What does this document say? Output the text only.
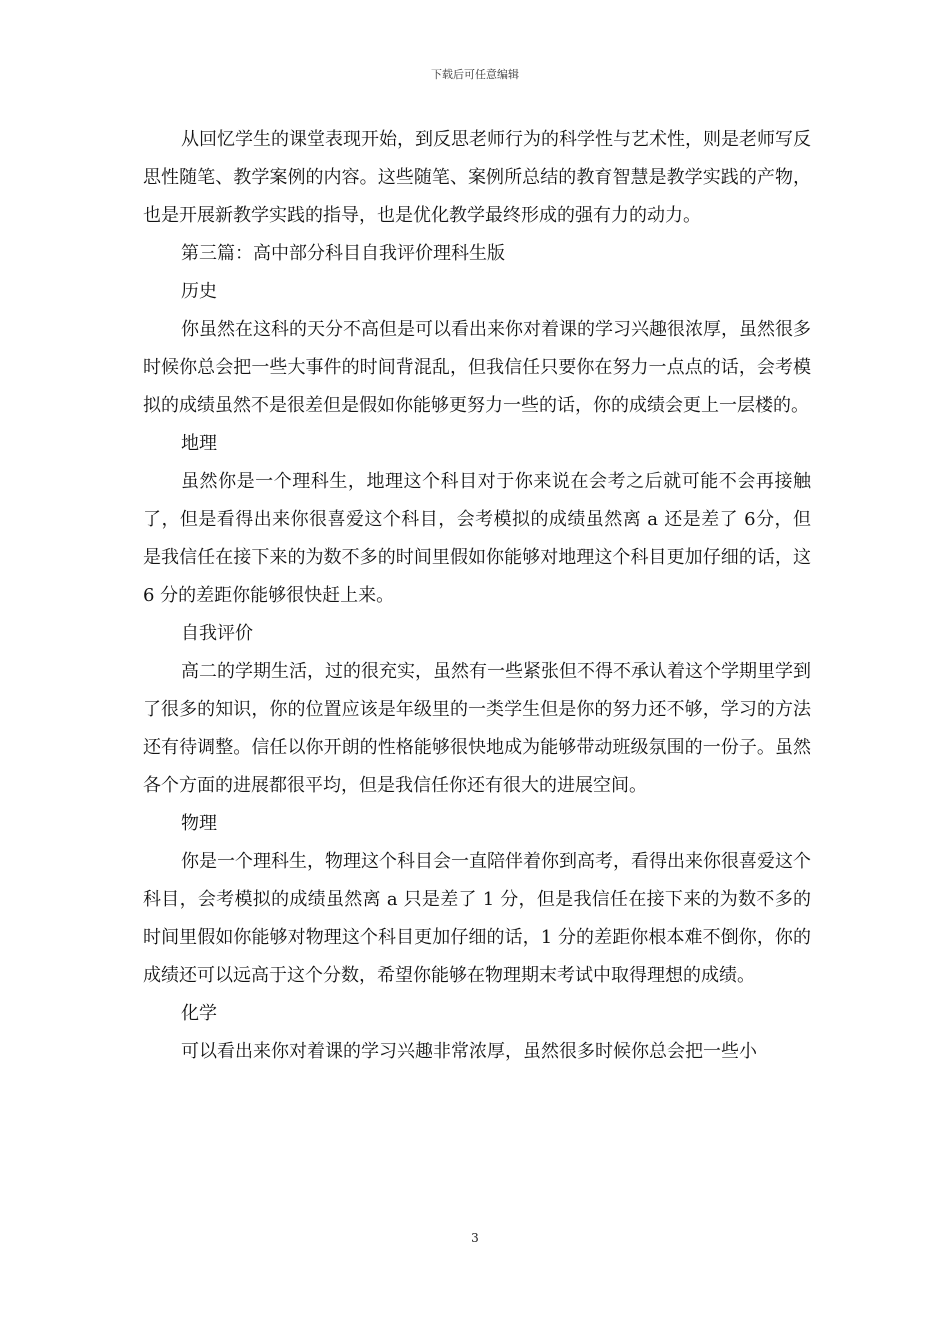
下载后可任意编辑

从回忆学生的课堂表现开始，到反思老师行为的科学性与艺术性，则是老师写反思性随笔、教学案例的内容。这些随笔、案例所总结的教育智慧是教学实践的产物，也是开展新教学实践的指导，也是优化教学最终形成的强有力的动力。

第三篇：高中部分科目自我评价理科生版

历史

你虽然在这科的天分不高但是可以看出来你对着课的学习兴趣很浓厚，虽然很多时候你总会把一些大事件的时间背混乱，但我信任只要你在努力一点点的话，会考模拟的成绩虽然不是很差但是假如你能够更努力一些的话，你的成绩会更上一层楼的。

地理

虽然你是一个理科生，地理这个科目对于你来说在会考之后就可能不会再接触了，但是看得出来你很喜爱这个科目，会考模拟的成绩虽然离 a 还是差了 6分，但是我信任在接下来的为数不多的时间里假如你能够对地理这个科目更加仔细的话，这 6 分的差距你能够很快赶上来。

自我评价

高二的学期生活，过的很充实，虽然有一些紧张但不得不承认着这个学期里学到了很多的知识，你的位置应该是年级里的一类学生但是你的努力还不够，学习的方法还有待调整。信任以你开朗的性格能够很快地成为能够带动班级氛围的一份子。虽然各个方面的进展都很平均，但是我信任你还有很大的进展空间。

物理

你是一个理科生，物理这个科目会一直陪伴着你到高考，看得出来你很喜爱这个科目，会考模拟的成绩虽然离 a 只是差了 1 分，但是我信任在接下来的为数不多的时间里假如你能够对物理这个科目更加仔细的话，1 分的差距你根本难不倒你，你的成绩还可以远高于这个分数，希望你能够在物理期末考试中取得理想的成绩。

化学

可以看出来你对着课的学习兴趣非常浓厚，虽然很多时候你总会把一些小

3
